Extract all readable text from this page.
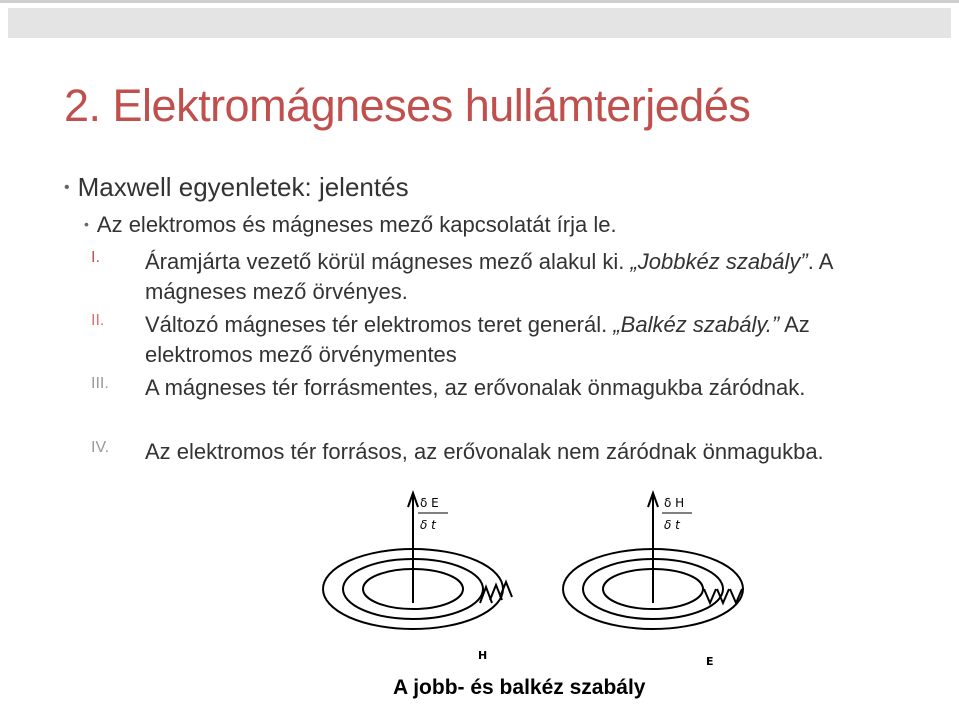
2. Elektromágneses hullámterjedés
• Maxwell egyenletek: jelentés
• Az elektromos és mágneses mező kapcsolatát írja le.
I.	Áramjárta vezető körül mágneses mező alakul ki. „Jobbkéz szabály”. A mágneses mező örvényes.
II.	Változó mágneses tér elektromos teret generál. „Balkéz szabály.” Az elektromos mező örvénymentes
III.	A mágneses tér forrásmentes, az erővonalak önmagukba záródnak.
IV.	Az elektromos tér forrásos, az erővonalak nem záródnak önmagukba.
δ E
δ t
H
δ H
δ t
E
A jobb- és balkéz szabály
